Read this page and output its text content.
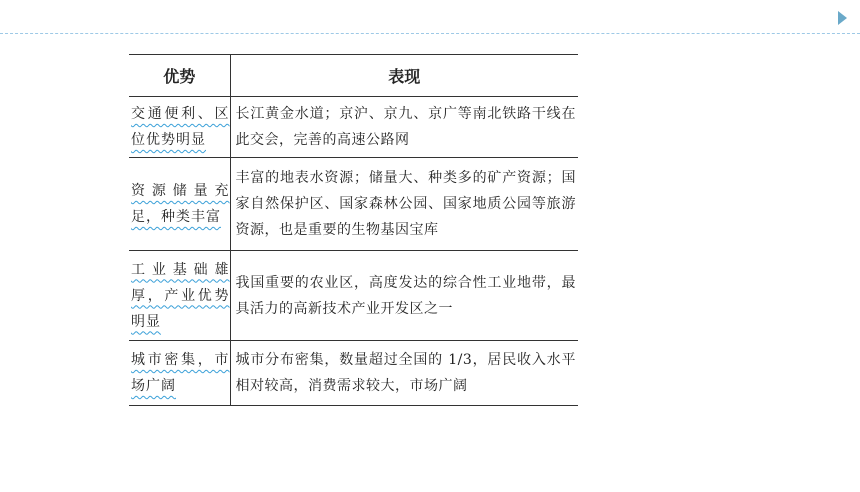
优势	表现
交通便利、区位优势明显	长江黄金水道；京沪、京九、京广等南北铁路干线在此交会，完善的高速公路网
资源储量充足，种类丰富	丰富的地表水资源；储量大、种类多的矿产资源；国家自然保护区、国家森林公园、国家地质公园等旅游资源，也是重要的生物基因宝库
工业基础雄厚，产业优势明显	我国重要的农业区，高度发达的综合性工业地带，最具活力的高新技术产业开发区之一
城市密集，市场广阔	城市分布密集，数量超过全国的 1/3，居民收入水平相对较高，消费需求较大，市场广阔
